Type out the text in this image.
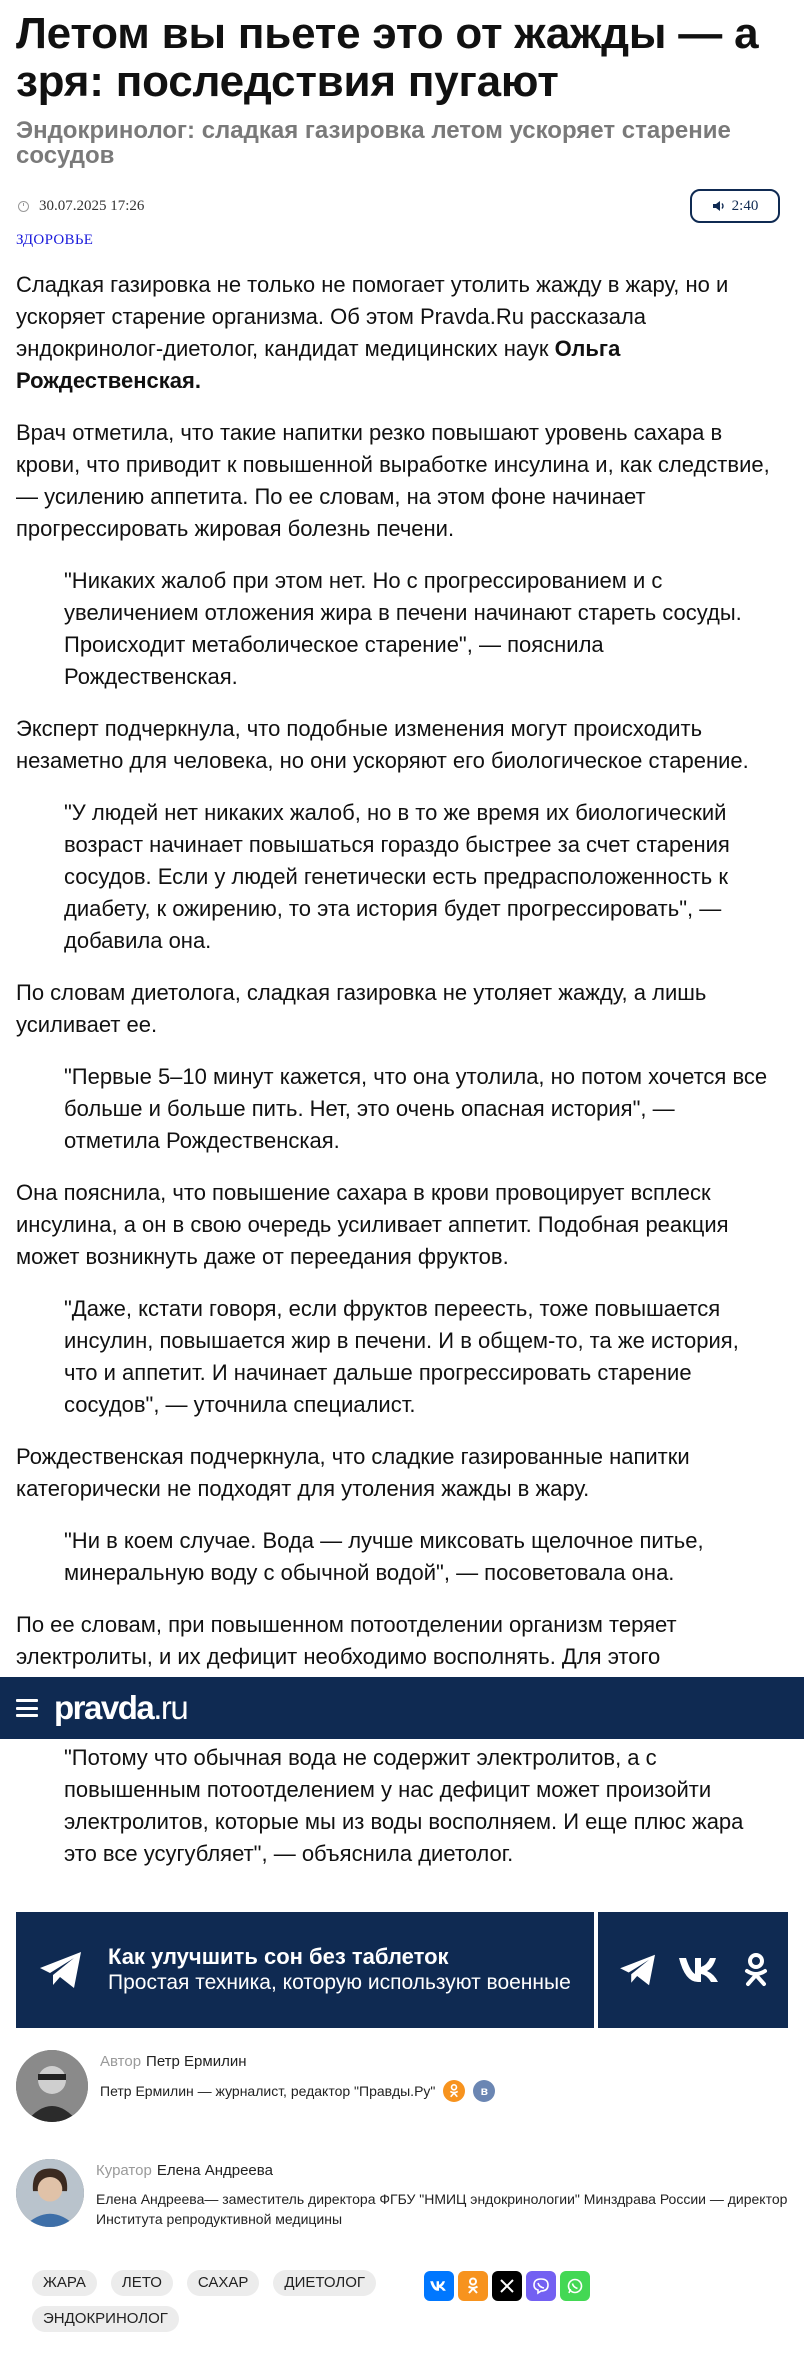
Летом вы пьете это от жажды — а зря: последствия пугают
Эндокринолог: сладкая газировка летом ускоряет старение сосудов
30.07.2025 17:26	2:40
ЗДОРОВЬЕ

Сладкая газировка не только не помогает утолить жажду в жару, но и ускоряет старение организма. Об этом Pravda.Ru рассказала эндокринолог-диетолог, кандидат медицинских наук Ольга Рождественская.

Врач отметила, что такие напитки резко повышают уровень сахара в крови, что приводит к повышенной выработке инсулина и, как следствие, — усилению аппетита. По ее словам, на этом фоне начинает прогрессировать жировая болезнь печени.

"Никаких жалоб при этом нет. Но с прогрессированием и с увеличением отложения жира в печени начинают стареть сосуды. Происходит метаболическое старение", — пояснила Рождественская.

Эксперт подчеркнула, что подобные изменения могут происходить незаметно для человека, но они ускоряют его биологическое старение.

"У людей нет никаких жалоб, но в то же время их биологический возраст начинает повышаться гораздо быстрее за счет старения сосудов. Если у людей генетически есть предрасположенность к диабету, к ожирению, то эта история будет прогрессировать", — добавила она.

По словам диетолога, сладкая газировка не утоляет жажду, а лишь усиливает ее.

"Первые 5–10 минут кажется, что она утолила, но потом хочется все больше и больше пить. Нет, это очень опасная история", — отметила Рождественская.

Она пояснила, что повышение сахара в крови провоцирует всплеск инсулина, а он в свою очередь усиливает аппетит. Подобная реакция может возникнуть даже от переедания фруктов.

"Даже, кстати говоря, если фруктов переесть, тоже повышается инсулин, повышается жир в печени. И в общем-то, та же история, что и аппетит. И начинает дальше прогрессировать старение сосудов", — уточнила специалист.

Рождественская подчеркнула, что сладкие газированные напитки категорически не подходят для утоления жажды в жару.

"Ни в коем случае. Вода — лучше миксовать щелочное питье, минеральную воду с обычной водой", — посоветовала она.

По ее словам, при повышенном потоотделении организм теряет электролиты, и их дефицит необходимо восполнять. Для этого

"Потому что обычная вода не содержит электролитов, а с повышенным потоотделением у нас дефицит может произойти электролитов, которые мы из воды восполняем. И еще плюс жара это все усугубляет", — объяснила диетолог.

pravda.ru
Как улучшить сон без таблеток
Простая техника, которую используют военные
Автор Петр Ермилин
Петр Ермилин — журналист, редактор "Правды.Ру"	в
Куратор Елена Андреева
Елена Андреева— заместитель директора ФГБУ "НМИЦ эндокринологии" Минздрава России — директор Института репродуктивной медицины
ЖАРА	ЛЕТО	САХАР	ДИЕТОЛОГ
ЭНДОКРИНОЛОГ
